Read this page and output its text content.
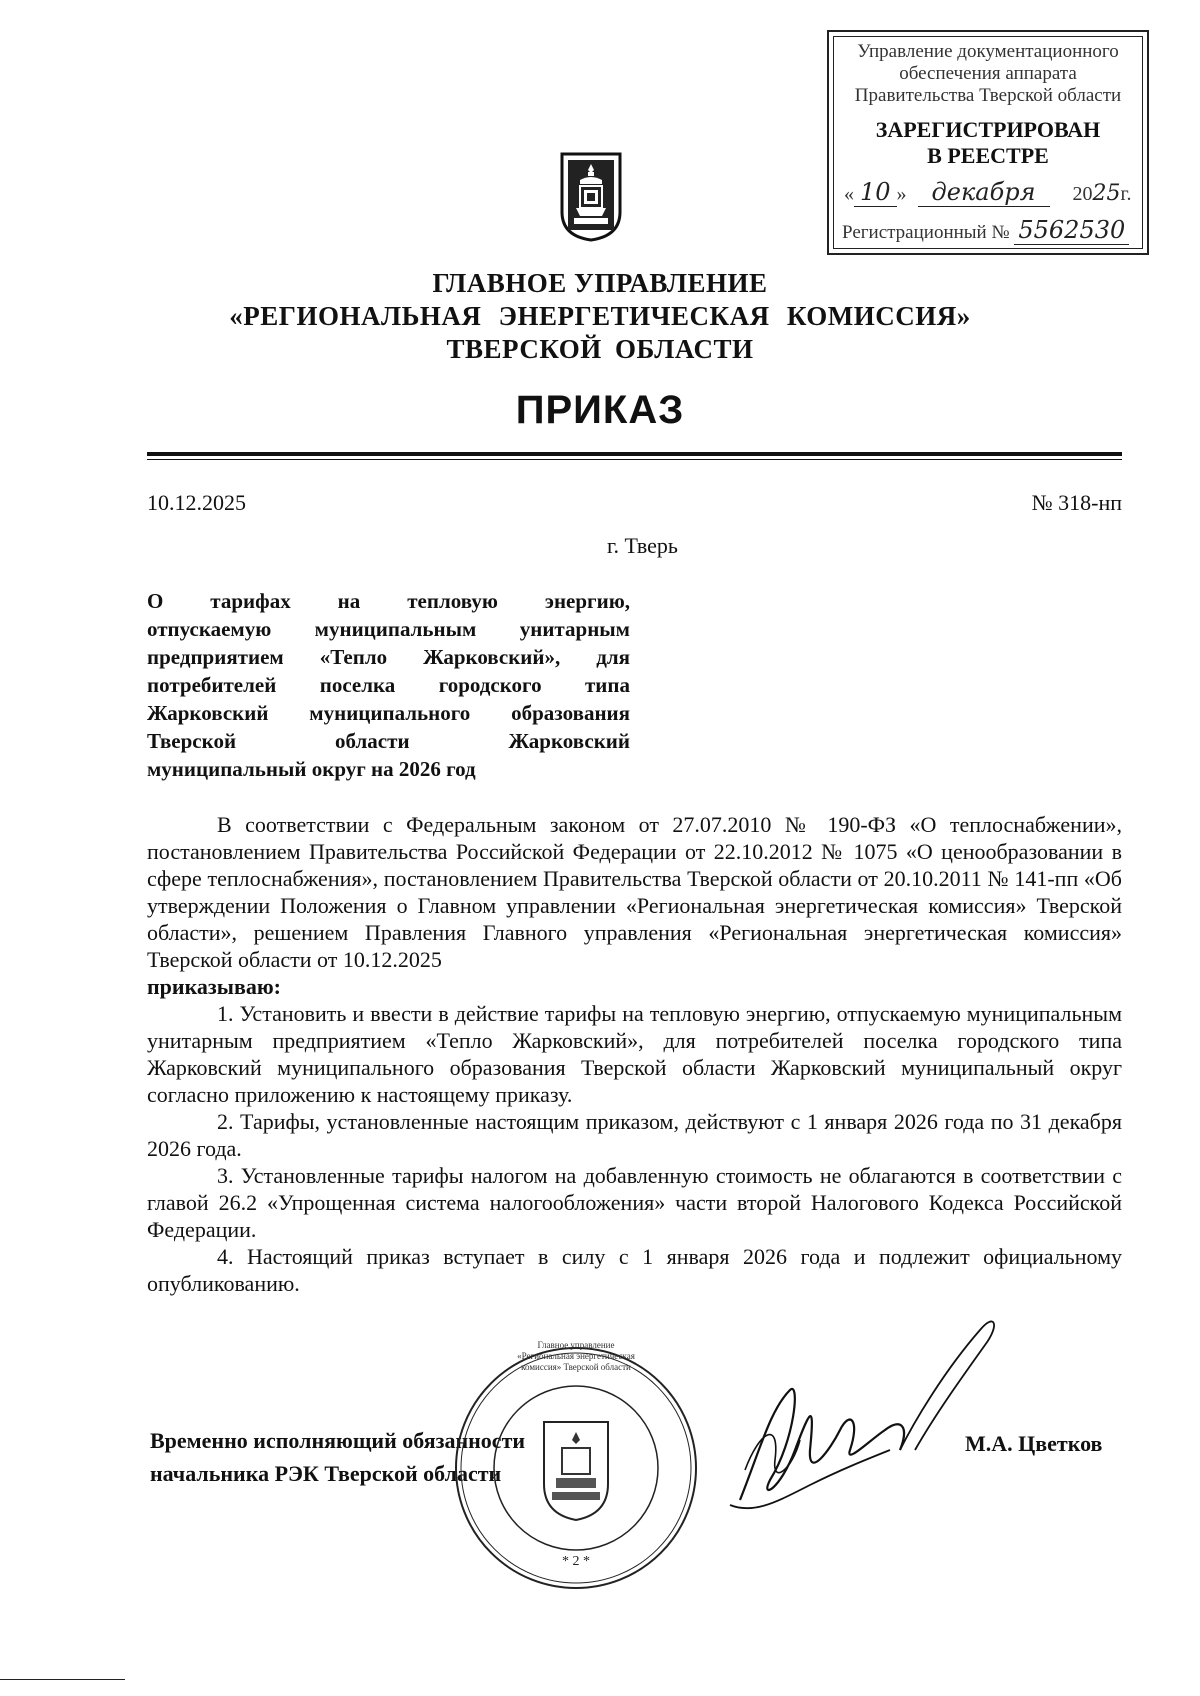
Управление документационного
обеспечения аппарата
Правительства Тверской области
ЗАРЕГИСТРИРОВАН
В РЕЕСТРЕ
« 10 » декабря 2025г.
Регистрационный № 5562530
ГЛАВНОЕ УПРАВЛЕНИЕ
«РЕГИОНАЛЬНАЯ ЭНЕРГЕТИЧЕСКАЯ КОМИССИЯ»
ТВЕРСКОЙ ОБЛАСТИ
ПРИКАЗ
10.12.2025	№ 318-нп
г. Тверь
О тарифах на тепловую энергию,
отпускаемую муниципальным унитарным
предприятием «Тепло Жарковский», для
потребителей поселка городского типа
Жарковский муниципального образования
Тверской области Жарковский
муниципальный округ на 2026 год

В соответствии с Федеральным законом от 27.07.2010 № 190-ФЗ «О теплоснабжении», постановлением Правительства Российской Федерации от 22.10.2012 № 1075 «О ценообразовании в сфере теплоснабжения», постановлением Правительства Тверской области от 20.10.2011 № 141-пп «Об утверждении Положения о Главном управлении «Региональная энергетическая комиссия» Тверской области», решением Правления Главного управления «Региональная энергетическая комиссия» Тверской области от 10.12.2025

приказываю:

1. Установить и ввести в действие тарифы на тепловую энергию, отпускаемую муниципальным унитарным предприятием «Тепло Жарковский», для потребителей поселка городского типа Жарковский муниципального образования Тверской области Жарковский муниципальный округ согласно приложению к настоящему приказу.

2. Тарифы, установленные настоящим приказом, действуют с 1 января 2026 года по 31 декабря 2026 года.

3. Установленные тарифы налогом на добавленную стоимость не облагаются в соответствии с главой 26.2 «Упрощенная система налогообложения» части второй Налогового Кодекса Российской Федерации.

4. Настоящий приказ вступает в силу с 1 января 2026 года и подлежит официальному опубликованию.

Временно исполняющий обязанности
начальника РЭК Тверской области
М.А. Цветков
Главное управление «Региональная энергетическая комиссия» Тверской области
* 2 *
